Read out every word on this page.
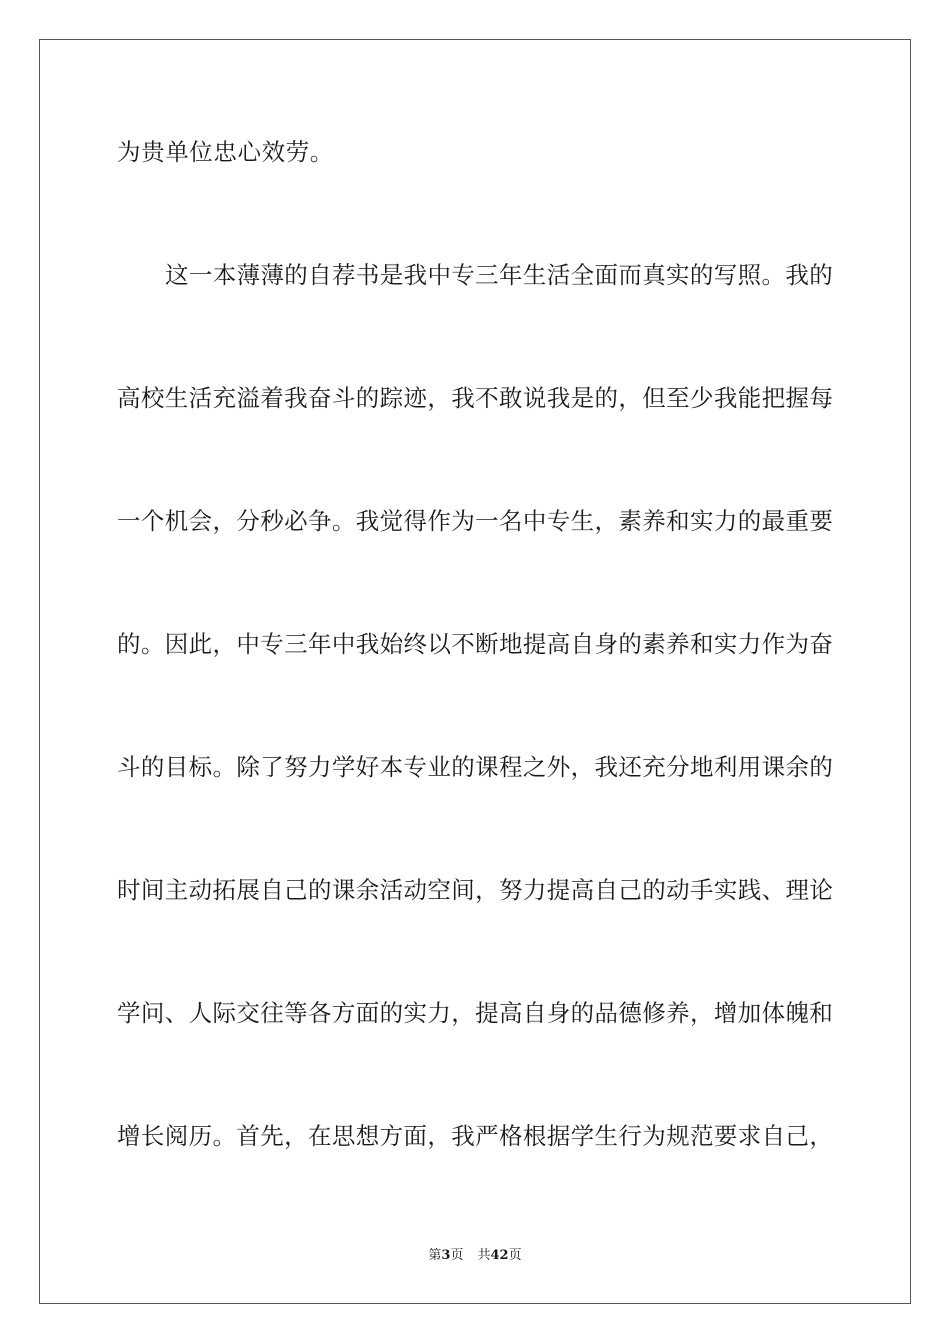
为贵单位忠心效劳。
这 一 本 薄 薄 的 自 荐 书 是 我 中 专 三 年 生 活 全 面 而 真 实 的 写 照 。 我 的
高 校 生 活 充 溢 着 我 奋 斗 的 踪 迹 ， 我 不 敢 说 我 是 的 ， 但 至 少 我 能 把 握 每
一 个 机 会 ， 分 秒 必 争 。 我 觉 得 作 为 一 名 中 专 生 ， 素 养 和 实 力 的 最 重 要
的 。 因 此 ， 中 专 三 年 中 我 始 终 以 不 断 地 提 高 自 身 的 素 养 和 实 力 作 为 奋
斗 的 目 标 。 除 了 努 力 学 好 本 专 业 的 课 程 之 外 ， 我 还 充 分 地 利 用 课 余 的
时 间 主 动 拓 展 自 己 的 课 余 活 动 空 间 ， 努 力 提 高 自 己 的 动 手 实 践 、 理 论
学 问 、 人 际 交 往 等 各 方 面 的 实 力 ， 提 高 自 身 的 品 德 修 养 ， 增 加 体 魄 和
增 长 阅 历 。 首 先 ， 在 思 想 方 面 ， 我 严 格 根 据 学 生 行 为 规 范 要 求 自 己 ，
第3页 共42页
